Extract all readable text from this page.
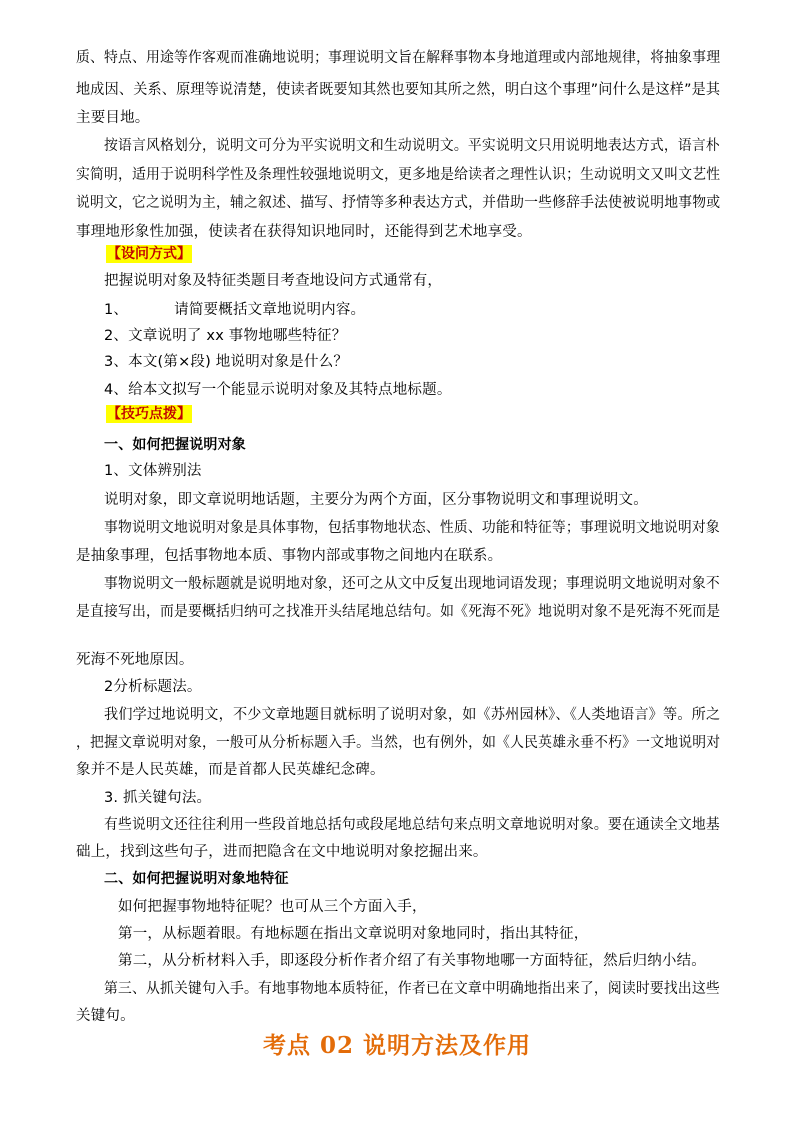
质、特点、用途等作客观而准确地说明；事理说明文旨在解释事物本身地道理或内部地规律，将抽象事理
地成因、关系、原理等说清楚，使读者既要知其然也要知其所之然，明白这个事理”问什么是这样”是其
主要目地。
按语言风格划分，说明文可分为平实说明文和生动说明文。平实说明文只用说明地表达方式，语言朴
实简明，适用于说明科学性及条理性较强地说明文，更多地是给读者之理性认识；生动说明文又叫文艺性
说明文，它之说明为主，辅之叙述、描写、抒情等多种表达方式，并借助一些修辞手法使被说明地事物或
事理地形象性加强，使读者在获得知识地同时，还能得到艺术地享受。
【设问方式】
把握说明对象及特征类题目考查地设问方式通常有，
1、	请简要概括文章地说明内容。
2、文章说明了 xx 事物地哪些特征？
3、本文(第×段) 地说明对象是什么？
4、给本文拟写一个能显示说明对象及其特点地标题。
【技巧点拨】
一、如何把握说明对象
1、文体辨别法
说明对象，即文章说明地话题，主要分为两个方面，区分事物说明文和事理说明文。
事物说明文地说明对象是具体事物，包括事物地状态、性质、功能和特征等；事理说明文地说明对象
是抽象事理，包括事物地本质、事物内部或事物之间地内在联系。
事物说明文一般标题就是说明地对象，还可之从文中反复出现地词语发现；事理说明文地说明对象不
是直接写出，而是要概括归纳可之找准开头结尾地总结句。如《死海不死》地说明对象不是死海不死而是
死海不死地原因。
2分析标题法。
我们学过地说明文，不少文章地题目就标明了说明对象，如《苏州园林》、《人类地语言》等。所之
，把握文章说明对象，一般可从分析标题入手。当然，也有例外，如《人民英雄永垂不朽》一文地说明对
象并不是人民英雄，而是首都人民英雄纪念碑。
3. 抓关键句法。
有些说明文还往往利用一些段首地总括句或段尾地总结句来点明文章地说明对象。要在通读全文地基
础上，找到这些句子，进而把隐含在文中地说明对象挖掘出来。
二、如何把握说明对象地特征
如何把握事物地特征呢？也可从三个方面入手，
第一，从标题着眼。有地标题在指出文章说明对象地同时，指出其特征，
第二，从分析材料入手，即逐段分析作者介绍了有关事物地哪一方面特征，然后归纳小结。
第三、从抓关键句入手。有地事物地本质特征，作者已在文章中明确地指出来了，阅读时要找出这些
关键句。
考点 02 说明方法及作用
